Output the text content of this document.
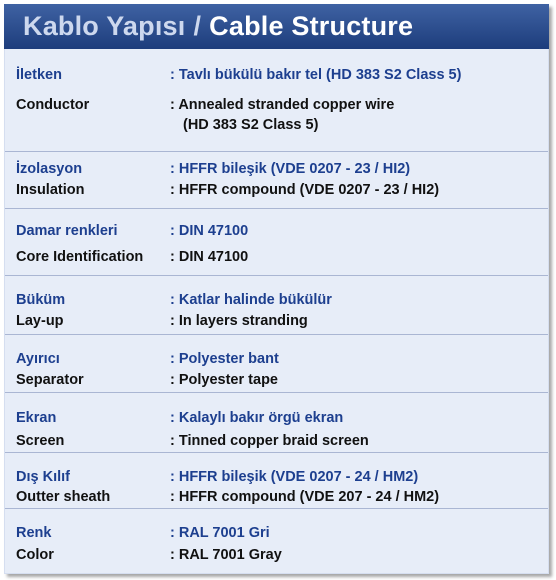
Kablo Yapısı / Cable Structure
İletken	: Tavlı bükülü bakır tel (HD 383 S2 Class 5)
Conductor	: Annealed stranded copper wire
(HD 383 S2 Class 5)
İzolasyon	: HFFR bileşik (VDE 0207 - 23 / HI2)
Insulation	: HFFR compound (VDE 0207 - 23 / HI2)
Damar renkleri	: DIN 47100
Core Identification : DIN 47100
Büküm	: Katlar halinde bükülür
Lay-up	: In layers stranding
Ayırıcı	: Polyester bant
Separator	: Polyester tape
Ekran	: Kalaylı bakır örgü ekran
Screen	: Tinned copper braid screen
Dış Kılıf	: HFFR bileşik (VDE 0207 - 24 / HM2)
Outter sheath	: HFFR compound (VDE 207 - 24 / HM2)
Renk	: RAL 7001 Gri
Color	: RAL 7001 Gray
